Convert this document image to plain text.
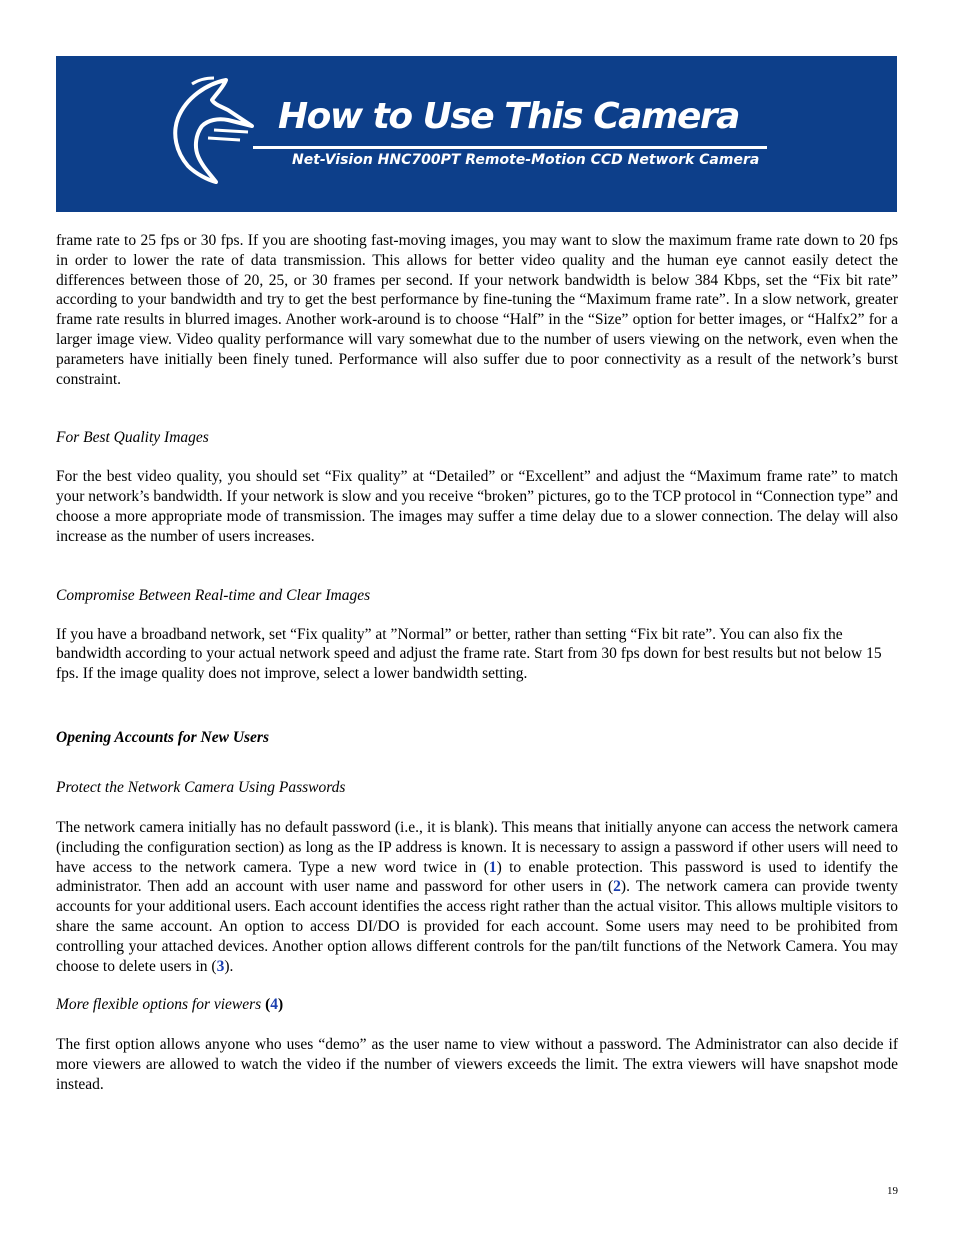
How to Use This Camera
Net-Vision HNC700PT Remote-Motion CCD Network Camera

frame rate to 25 fps or 30 fps. If you are shooting fast-moving images, you may want to slow the maximum frame rate down to 20 fps in order to lower the rate of data transmission. This allows for better video quality and the human eye cannot easily detect the differences between those of 20, 25, or 30 frames per second. If your network bandwidth is below 384 Kbps, set the “Fix bit rate” according to your bandwidth and try to get the best performance by fine-tuning the “Maximum frame rate”. In a slow network, greater frame rate results in blurred images. Another work-around is to choose “Half” in the “Size” option for better images, or “Halfx2” for a larger image view. Video quality performance will vary somewhat due to the number of users viewing on the network, even when the parameters have initially been finely tuned. Performance will also suffer due to poor connectivity as a result of the network’s burst constraint.

For Best Quality Images

For the best video quality, you should set “Fix quality” at “Detailed” or “Excellent” and adjust the “Maximum frame rate” to match your network’s bandwidth. If your network is slow and you receive “broken” pictures, go to the TCP protocol in “Connection type” and choose a more appropriate mode of transmission. The images may suffer a time delay due to a slower connection. The delay will also increase as the number of users increases.

Compromise Between Real-time and Clear Images

If you have a broadband network, set “Fix quality” at ”Normal” or better, rather than setting “Fix bit rate”. You can also fix the bandwidth according to your actual network speed and adjust the frame rate. Start from 30 fps down for best results but not below 15 fps. If the image quality does not improve, select a lower bandwidth setting.

Opening Accounts for New Users

Protect the Network Camera Using Passwords

The network camera initially has no default password (i.e., it is blank). This means that initially anyone can access the network camera (including the configuration section) as long as the IP address is known. It is necessary to assign a password if other users will need to have access to the network camera. Type a new word twice in (1) to enable protection. This password is used to identify the administrator. Then add an account with user name and password for other users in (2). The network camera can provide twenty accounts for your additional users. Each account identifies the access right rather than the actual visitor. This allows multiple visitors to share the same account. An option to access DI/DO is provided for each account. Some users may need to be prohibited from controlling your attached devices. Another option allows different controls for the pan/tilt functions of the Network Camera. You may choose to delete users in (3).

More flexible options for viewers (4)

The first option allows anyone who uses “demo” as the user name to view without a password. The Administrator can also decide if more viewers are allowed to watch the video if the number of viewers exceeds the limit. The extra viewers will have snapshot mode instead.

19
